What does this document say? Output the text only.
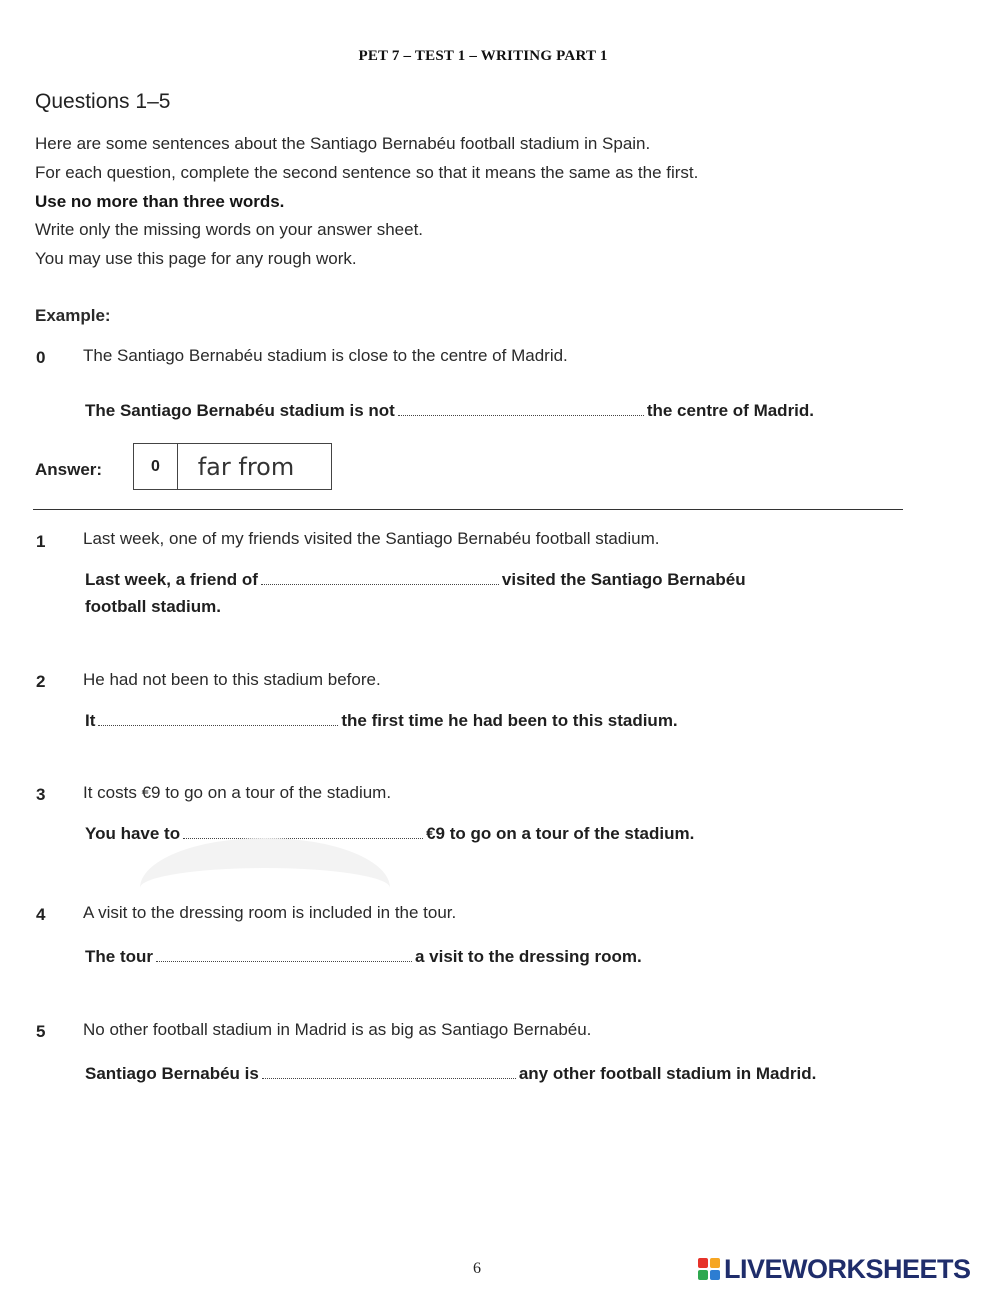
PET 7 – TEST 1 – WRITING PART 1
Questions 1–5
Here are some sentences about the Santiago Bernabéu football stadium in Spain.
For each question, complete the second sentence so that it means the same as the first.
Use no more than three words.
Write only the missing words on your answer sheet.
You may use this page for any rough work.
Example:
0 The Santiago Bernabéu stadium is close to the centre of Madrid.
The Santiago Bernabéu stadium is not	the centre of Madrid.
Answer:	0	far from
1 Last week, one of my friends visited the Santiago Bernabéu football stadium.
Last week, a friend of	visited the Santiago Bernabéu
football stadium.
2 He had not been to this stadium before.
It	the first time he had been to this stadium.
3 It costs €9 to go on a tour of the stadium.
You have to	€9 to go on a tour of the stadium.
4 A visit to the dressing room is included in the tour.
The tour	a visit to the dressing room.
5 No other football stadium in Madrid is as big as Santiago Bernabéu.
Santiago Bernabéu is	any other football stadium in Madrid.
6	LIVEWORKSHEETS
